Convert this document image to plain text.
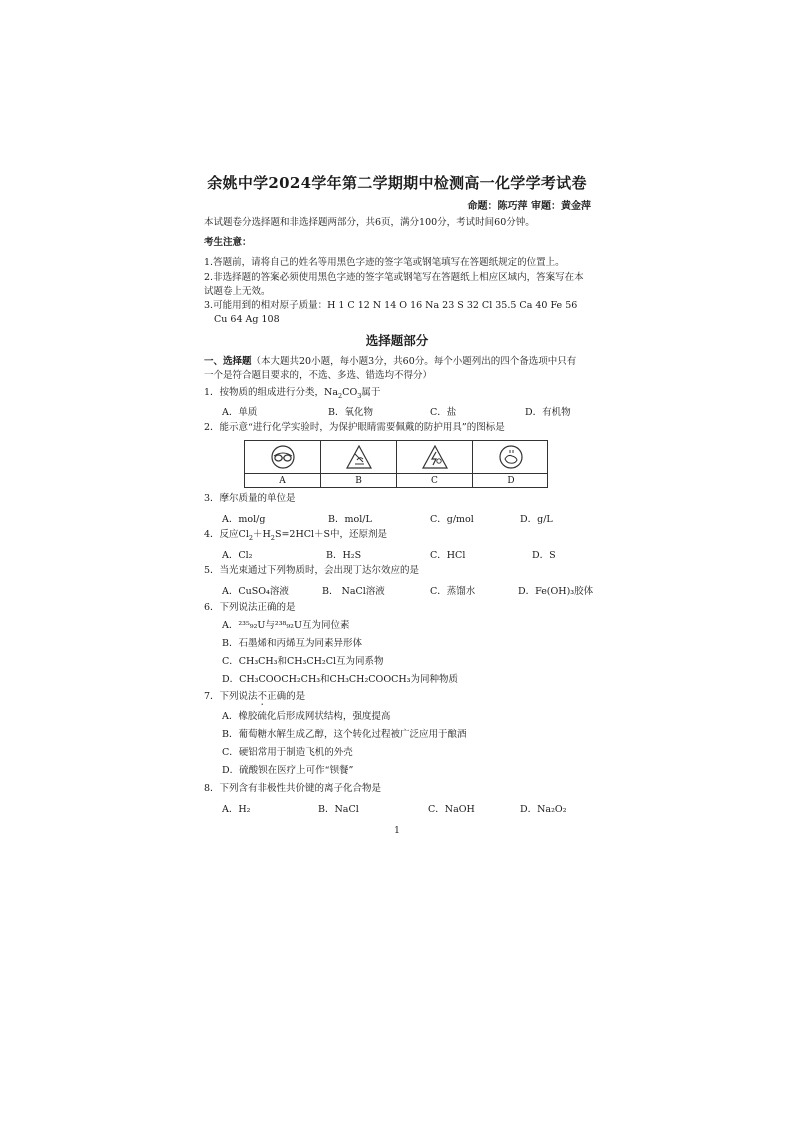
余姚中学2024学年第二学期期中检测高一化学学考试卷
命题：陈巧萍 审题：黄金萍
本试题卷分选择题和非选择题两部分，共6页，满分100分，考试时间60分钟。
考生注意：
1.答题前，请将自己的姓名等用黑色字迹的签字笔或钢笔填写在答题纸规定的位置上。
2.非选择题的答案必须使用黑色字迹的签字笔或钢笔写在答题纸上相应区域内，答案写在本
试题卷上无效。
3.可能用到的相对原子质量：H 1 C 12 N 14 O 16 Na 23 S 32 Cl 35.5 Ca 40 Fe 56
Cu 64 Ag 108
选择题部分
一、选择题（本大题共20小题，每小题3分，共60分。每个小题列出的四个备选项中只有
一个是符合题目要求的，不选、多选、错选均不得分）
1．按物质的组成进行分类，$Na_2CO_3$属于
A．单质	B．氧化物	C．盐	D．有机物
2．能示意“进行化学实验时，为保护眼睛需要佩戴的防护用具”的图标是
A	B	C	D
3．摩尔质量的单位是
A．mol/g	B．mol/L	C．g/mol	D．g/L
4．反应$Cl_2+H_2S=2HCl+S$中，还原剂是
A．Cl₂	B．H₂S	C．HCl	D．S
5．当光束通过下列物质时，会出现丁达尔效应的是
A．CuSO₄溶液	B． NaCl溶液	C．蒸馏水	D．Fe(OH)₃胶体
6．下列说法正确的是
A．²³⁵₉₂U与²³⁸₉₂U互为同位素
B．石墨烯和丙烯互为同素异形体
C．CH₃CH₃和CH₃CH₂Cl互为同系物
D．CH₃COOCH₂CH₃和CH₃CH₂COOCH₃为同种物质
7．下列说法不正确的是
A．橡胶硫化后形成网状结构，强度提高
B．葡萄糖水解生成乙醇，这个转化过程被广泛应用于酿酒
C．硬铝常用于制造飞机的外壳
D．硫酸钡在医疗上可作“钡餐”
8．下列含有非极性共价键的离子化合物是
A．H₂	B．NaCl	C．NaOH	D．Na₂O₂
1
